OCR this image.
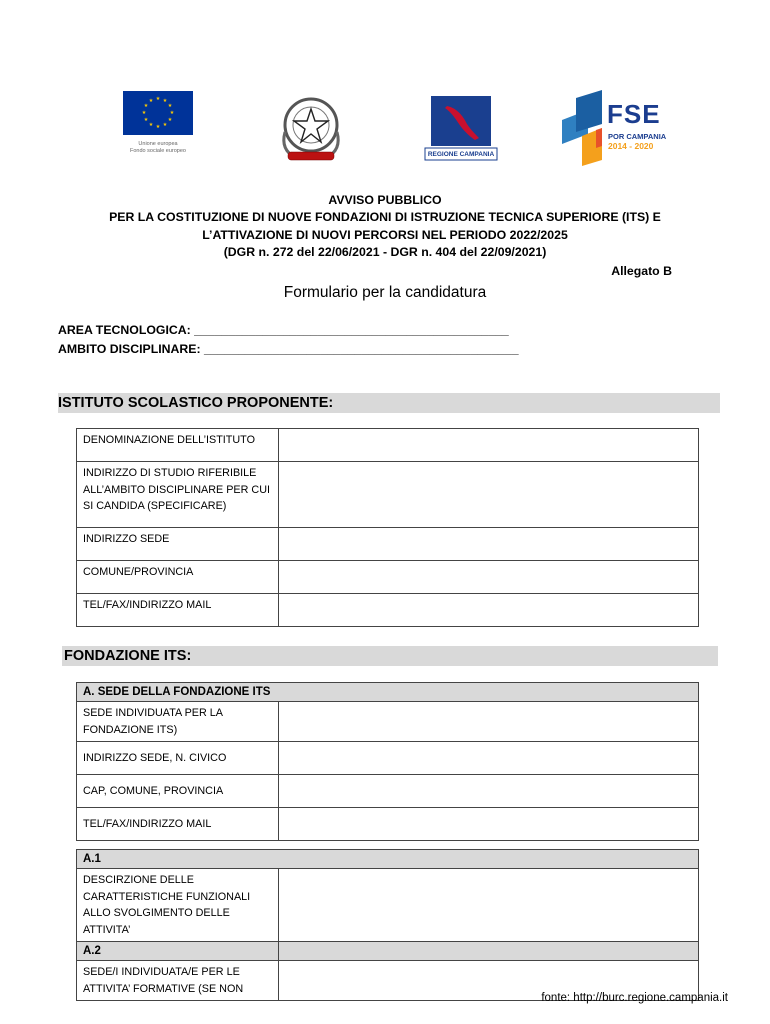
★ ★
★
★
★
★
★
★
★
★
★
★
Unione europea
Fondo sociale europeo	REGIONE CAMPANIA
FSE
POR CAMPANIA
2014 - 2020
AVVISO PUBBLICO
PER LA COSTITUZIONE DI NUOVE FONDAZIONI DI ISTRUZIONE TECNICA SUPERIORE (ITS) E
L’ATTIVAZIONE DI NUOVI PERCORSI NEL PERIODO 2022/2025
(DGR n. 272 del 22/06/2021 - DGR n. 404 del 22/09/2021)
Allegato B
Formulario per la candidatura
AREA TECNOLOGICA: ______________________________________________
AMBITO DISCIPLINARE: ______________________________________________
ISTITUTO SCOLASTICO PROPONENTE:
DENOMINAZIONE DELL’ISTITUTO	
INDIRIZZO DI STUDIO RIFERIBILE ALL’AMBITO DISCIPLINARE PER CUI SI CANDIDA (SPECIFICARE)	
INDIRIZZO SEDE	
COMUNE/PROVINCIA	
TEL/FAX/INDIRIZZO MAIL	
FONDAZIONE ITS:
A. SEDE DELLA FONDAZIONE ITS	
SEDE INDIVIDUATA PER LA FONDAZIONE ITS)	
INDIRIZZO SEDE, N. CIVICO	
CAP, COMUNE, PROVINCIA	
TEL/FAX/INDIRIZZO MAIL	
A.1	
DESCIRZIONE DELLE CARATTERISTICHE FUNZIONALI ALLO SVOLGIMENTO DELLE ATTIVITA’	
A.2	
SEDE/I INDIVIDUATA/E PER LE ATTIVITA’ FORMATIVE (SE NON	
fonte: http://burc.regione.campania.it
